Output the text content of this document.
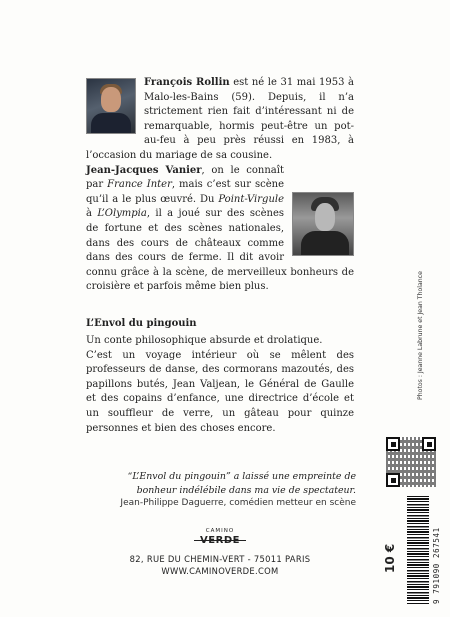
François Rollin est né le 31 mai 1953 à Malo-les-Bains (59). Depuis, il n’a strictement rien fait d’intéressant ni de remarquable, hormis peut-être un pot-au-feu à peu près réussi en 1983, à l’occasion du mariage de sa cousine.

Jean-Jacques Vanier, on le connaît par France Inter, mais c’est sur scène qu’il a le plus œuvré. Du Point-Virgule à L’Olympia, il a joué sur des scènes de fortune et des scènes nationales, dans des cours de châteaux comme dans des cours de ferme. Il dit avoir connu grâce à la scène, de merveilleux bonheurs de croisière et parfois même bien plus.
L’Envol du pingouin

Un conte philosophique absurde et drolatique.

C’est un voyage intérieur où se mêlent des professeurs de danse, des cormorans mazoutés, des papillons butés, Jean Valjean, le Général de Gaulle et des copains d’enfance, une directrice d’école et un souffleur de verre, un gâteau pour quinze personnes et bien des choses encore.

“L’Envol du pingouin” a laissé une empreinte de bonheur indélébile dans ma vie de spectateur.
Jean-Philippe Daguerre, comédien metteur en scène
CAMINO
VERDE
82, RUE DU CHEMIN-VERT - 75011 PARIS
WWW.CAMINOVERDE.COM
Photos : Jeanne Labrune et Jean Tholance
10 €	9 791090 267541
